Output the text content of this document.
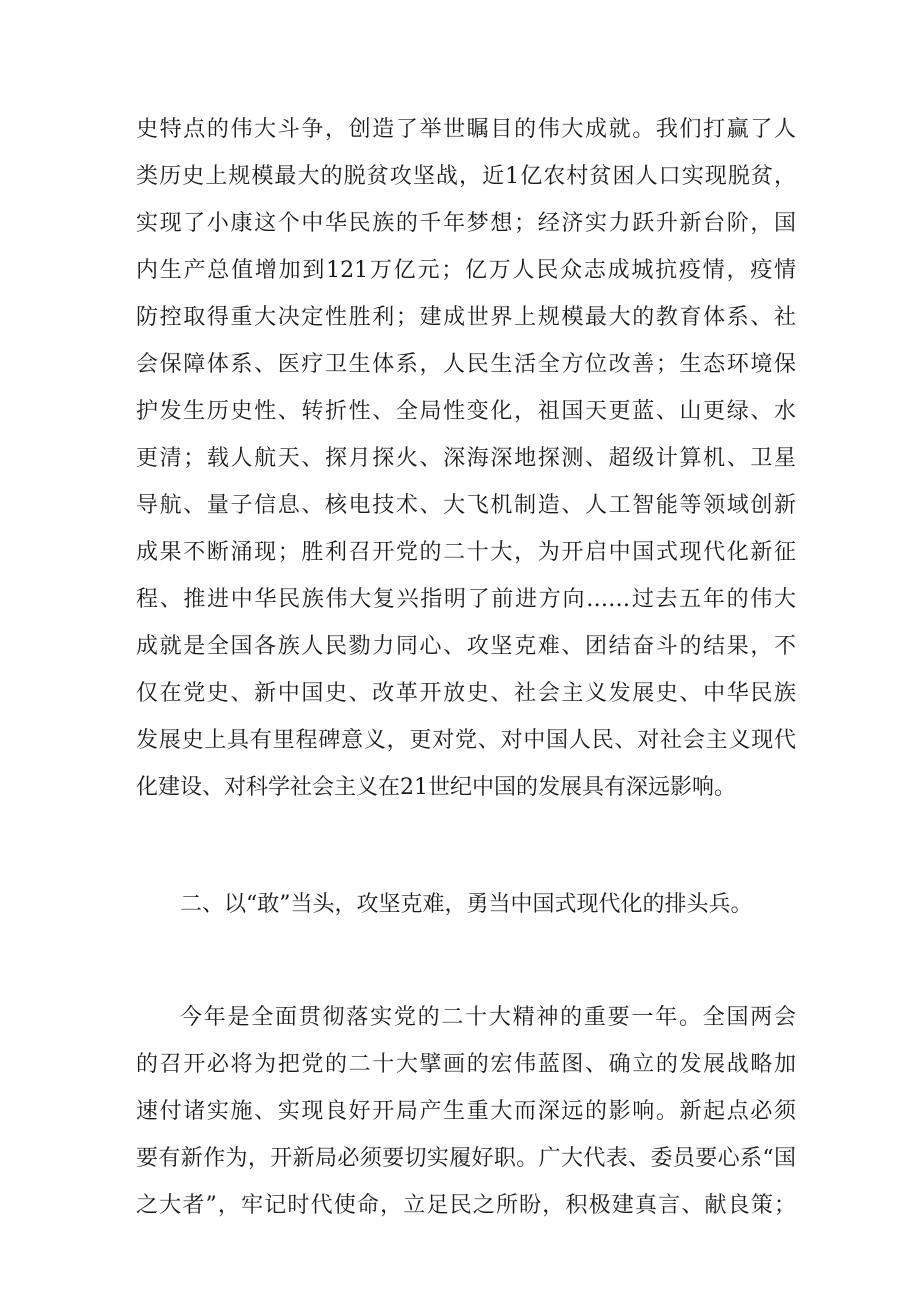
史特点的伟大斗争，创造了举世瞩目的伟大成就。我们打赢了人
类历史上规模最大的脱贫攻坚战，近1亿农村贫困人口实现脱贫，
实现了小康这个中华民族的千年梦想；经济实力跃升新台阶，国
内生产总值增加到121万亿元；亿万人民众志成城抗疫情，疫情
防控取得重大决定性胜利；建成世界上规模最大的教育体系、社
会保障体系、医疗卫生体系，人民生活全方位改善；生态环境保
护发生历史性、转折性、全局性变化，祖国天更蓝、山更绿、水
更清；载人航天、探月探火、深海深地探测、超级计算机、卫星
导航、量子信息、核电技术、大飞机制造、人工智能等领域创新
成果不断涌现；胜利召开党的二十大，为开启中国式现代化新征
程、推进中华民族伟大复兴指明了前进方向……过去五年的伟大
成就是全国各族人民勠力同心、攻坚克难、团结奋斗的结果，不
仅在党史、新中国史、改革开放史、社会主义发展史、中华民族
发展史上具有里程碑意义，更对党、对中国人民、对社会主义现代
化建设、对科学社会主义在21世纪中国的发展具有深远影响。
二、以“敢”当头，攻坚克难，勇当中国式现代化的排头兵。
今年是全面贯彻落实党的二十大精神的重要一年。全国两会
的召开必将为把党的二十大擘画的宏伟蓝图、确立的发展战略加
速付诸实施、实现良好开局产生重大而深远的影响。新起点必须
要有新作为，开新局必须要切实履好职。广大代表、委员要心系“国
之大者”，牢记时代使命，立足民之所盼，积极建真言、献良策；
